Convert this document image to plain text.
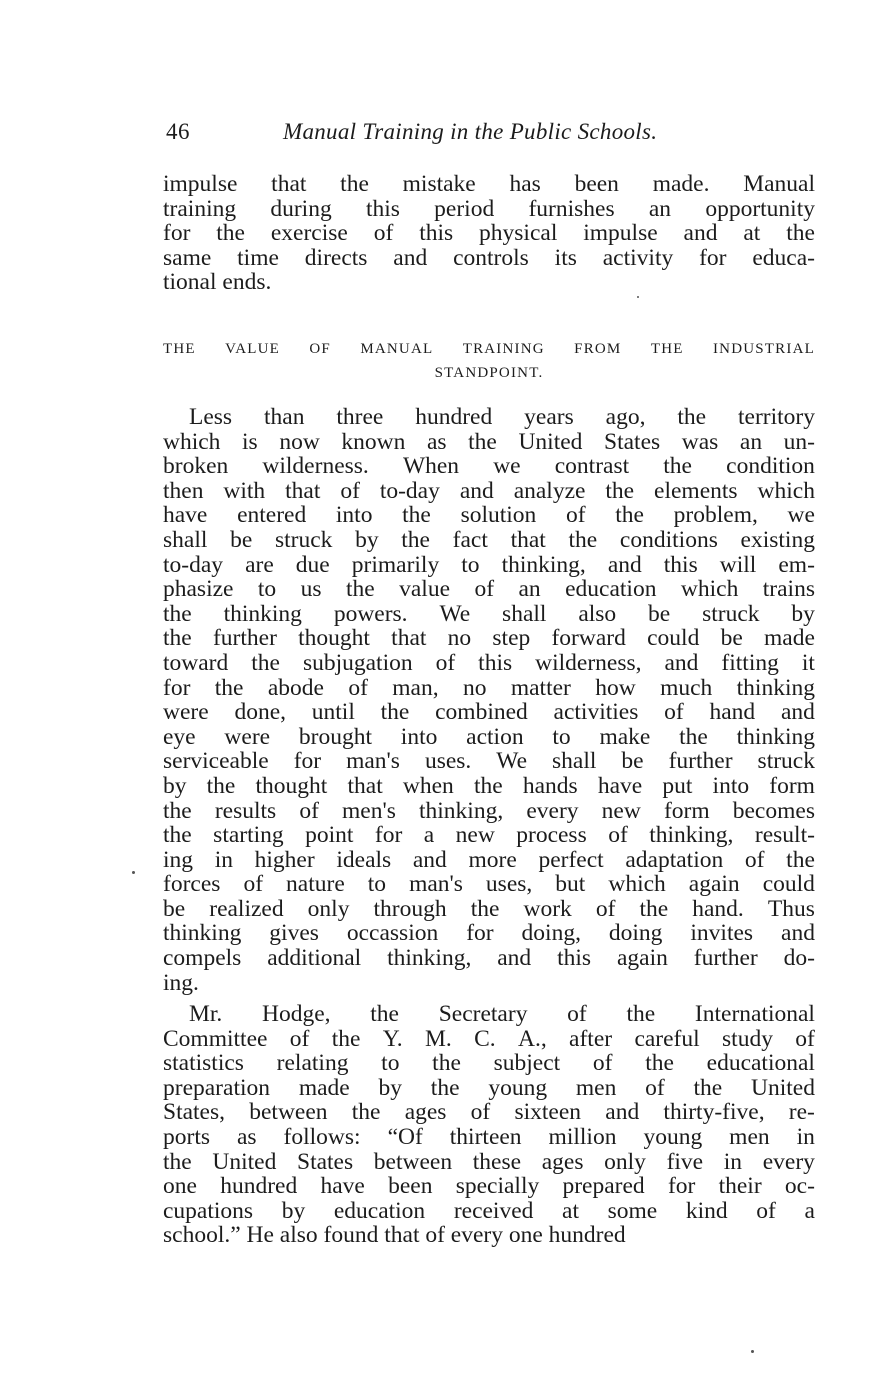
46	Manual Training in the Public Schools.
impulse that the mistake has been made. Manual
training during this period furnishes an opportunity
for the exercise of this physical impulse and at the
same time directs and controls its activity for educa-
tional ends.
THE VALUE OF MANUAL TRAINING FROM THE INDUSTRIAL
STANDPOINT.
Less than three hundred years ago, the territory
which is now known as the United States was an un-
broken wilderness. When we contrast the condition
then with that of to-day and analyze the elements which
have entered into the solution of the problem, we
shall be struck by the fact that the conditions existing
to-day are due primarily to thinking, and this will em-
phasize to us the value of an education which trains
the thinking powers. We shall also be struck by
the further thought that no step forward could be made
toward the subjugation of this wilderness, and fitting it
for the abode of man, no matter how much thinking
were done, until the combined activities of hand and
eye were brought into action to make the thinking
serviceable for man's uses. We shall be further struck
by the thought that when the hands have put into form
the results of men's thinking, every new form becomes
the starting point for a new process of thinking, result-
ing in higher ideals and more perfect adaptation of the
forces of nature to man's uses, but which again could
be realized only through the work of the hand. Thus
thinking gives occassion for doing, doing invites and
compels additional thinking, and this again further do-
ing.
Mr. Hodge, the Secretary of the International
Committee of the Y. M. C. A., after careful study of
statistics relating to the subject of the educational
preparation made by the young men of the United
States, between the ages of sixteen and thirty-five, re-
ports as follows: “Of thirteen million young men in
the United States between these ages only five in every
one hundred have been specially prepared for their oc-
cupations by education received at some kind of a
school.” He also found that of every one hundred
